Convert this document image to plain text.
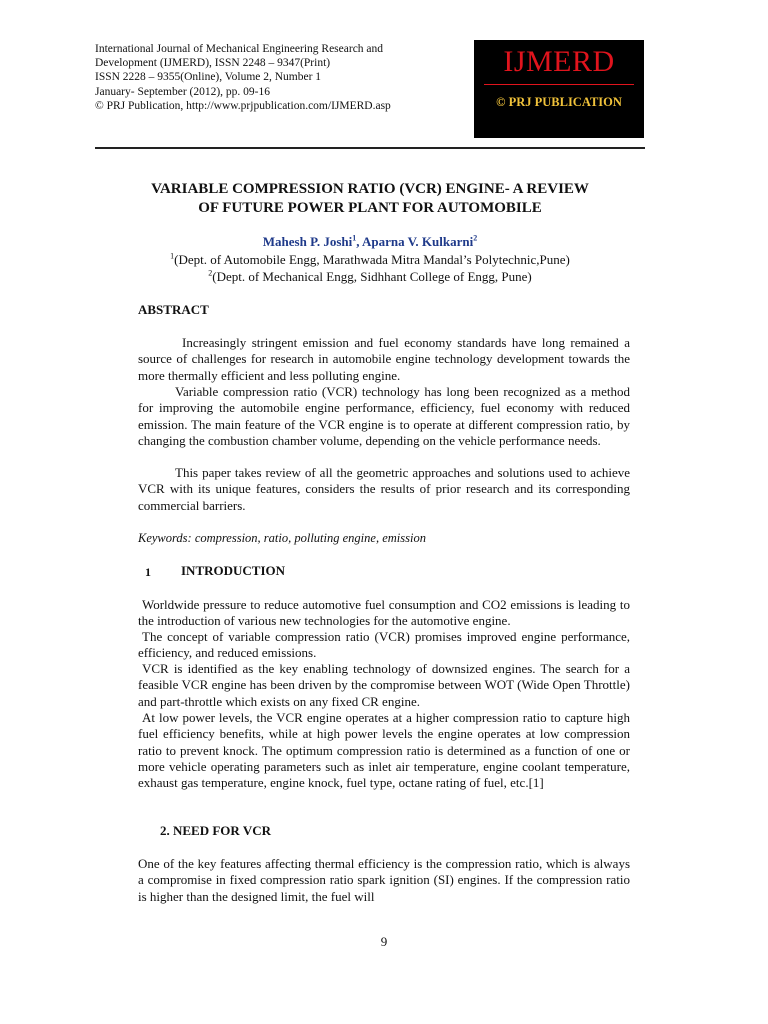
International Journal of Mechanical Engineering Research and
Development (IJMERD), ISSN 2248 – 9347(Print)
ISSN 2228 – 9355(Online), Volume 2, Number 1
January- September (2012), pp. 09-16
© PRJ Publication, http://www.prjpublication.com/IJMERD.asp
IJMERD
© PRJ PUBLICATION
VARIABLE COMPRESSION RATIO (VCR) ENGINE- A REVIEW
OF FUTURE POWER PLANT FOR AUTOMOBILE
Mahesh P. Joshi$^1$, Aparna V. Kulkarni$^2$
$^1$(Dept. of Automobile Engg, Marathwada Mitra Mandal’s Polytechnic,Pune)
$^2$(Dept. of Mechanical Engg, Sidhhant College of Engg, Pune)
ABSTRACT
Increasingly stringent emission and fuel economy standards have long remained a source of challenges for research in automobile engine technology development towards the more thermally efficient and less polluting engine.
Variable compression ratio (VCR) technology has long been recognized as a method for improving the automobile engine performance, efficiency, fuel economy with reduced emission. The main feature of the VCR engine is to operate at different compression ratio, by changing the combustion chamber volume, depending on the vehicle performance needs.
This paper takes review of all the geometric approaches and solutions used to achieve VCR with its unique features, considers the results of prior research and its corresponding commercial barriers.
Keywords: compression, ratio, polluting engine, emission
1 INTRODUCTION
Worldwide pressure to reduce automotive fuel consumption and CO2 emissions is leading to the introduction of various new technologies for the automotive engine.
The concept of variable compression ratio (VCR) promises improved engine performance, efficiency, and reduced emissions.
VCR is identified as the key enabling technology of downsized engines. The search for a feasible VCR engine has been driven by the compromise between WOT (Wide Open Throttle) and part-throttle which exists on any fixed CR engine.
At low power levels, the VCR engine operates at a higher compression ratio to capture high fuel efficiency benefits, while at high power levels the engine operates at low compression ratio to prevent knock. The optimum compression ratio is determined as a function of one or more vehicle operating parameters such as inlet air temperature, engine coolant temperature, exhaust gas temperature, engine knock, fuel type, octane rating of fuel, etc.[1]
2. NEED FOR VCR
One of the key features affecting thermal efficiency is the compression ratio, which is always a compromise in fixed compression ratio spark ignition (SI) engines. If the compression ratio is higher than the designed limit, the fuel will
9
